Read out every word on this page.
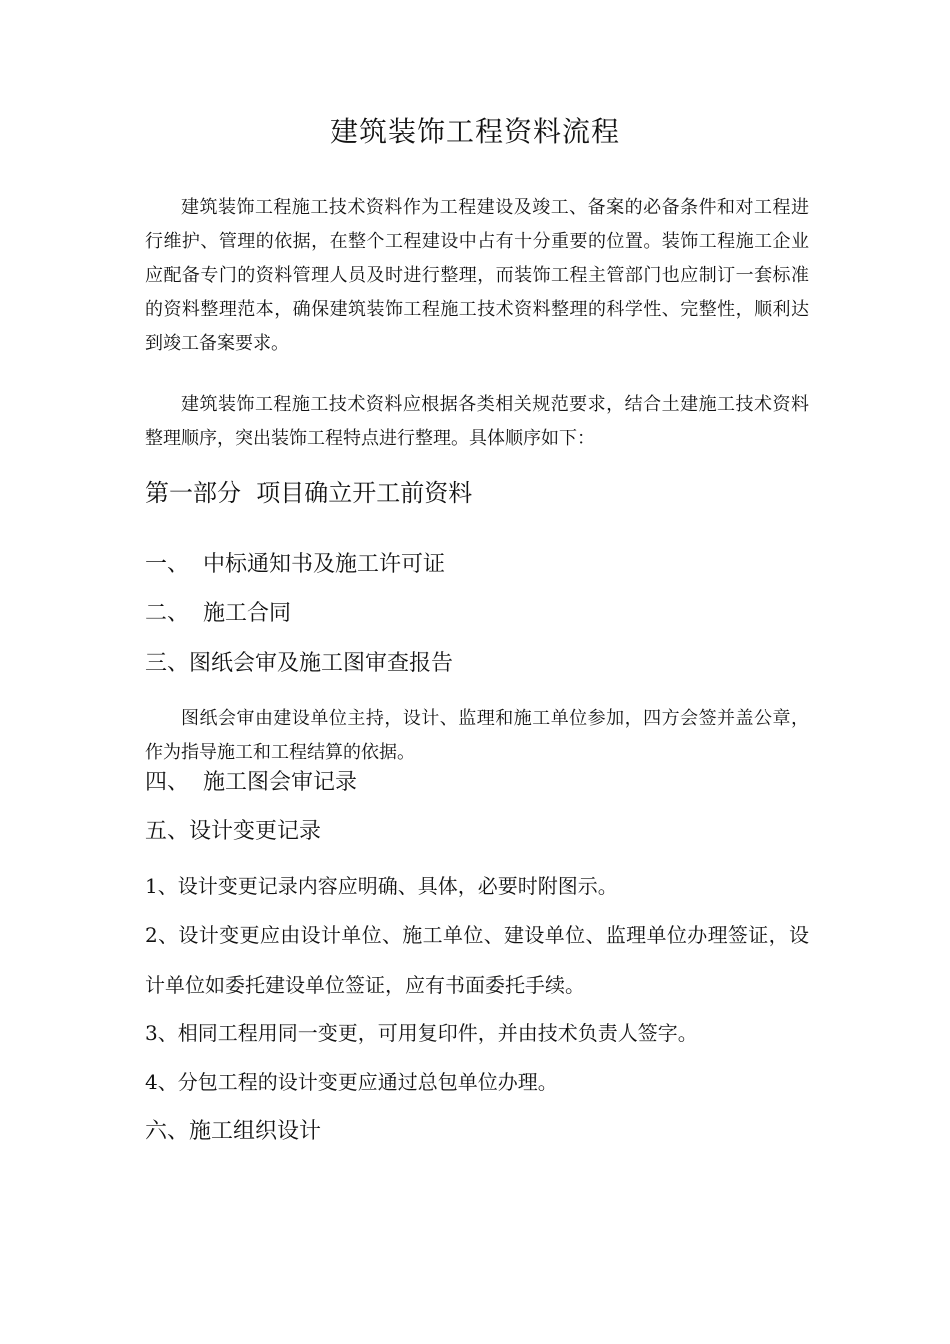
建筑装饰工程资料流程

建筑装饰工程施工技术资料作为工程建设及竣工、备案的必备条件和对工程进行维护、管理的依据，在整个工程建设中占有十分重要的位置。装饰工程施工企业应配备专门的资料管理人员及时进行整理，而装饰工程主管部门也应制订一套标准的资料整理范本，确保建筑装饰工程施工技术资料整理的科学性、完整性，顺利达到竣工备案要求。

建筑装饰工程施工技术资料应根据各类相关规范要求，结合土建施工技术资料整理顺序，突出装饰工程特点进行整理。具体顺序如下：

第一部分  项目确立开工前资料
一、  中标通知书及施工许可证
二、  施工合同
三、图纸会审及施工图审查报告

图纸会审由建设单位主持，设计、监理和施工单位参加，四方会签并盖公章，作为指导施工和工程结算的依据。

四、  施工图会审记录
五、设计变更记录

1、设计变更记录内容应明确、具体，必要时附图示。

2、设计变更应由设计单位、施工单位、建设单位、监理单位办理签证，设计单位如委托建设单位签证，应有书面委托手续。

3、相同工程用同一变更，可用复印件，并由技术负责人签字。

4、分包工程的设计变更应通过总包单位办理。

六、施工组织设计
